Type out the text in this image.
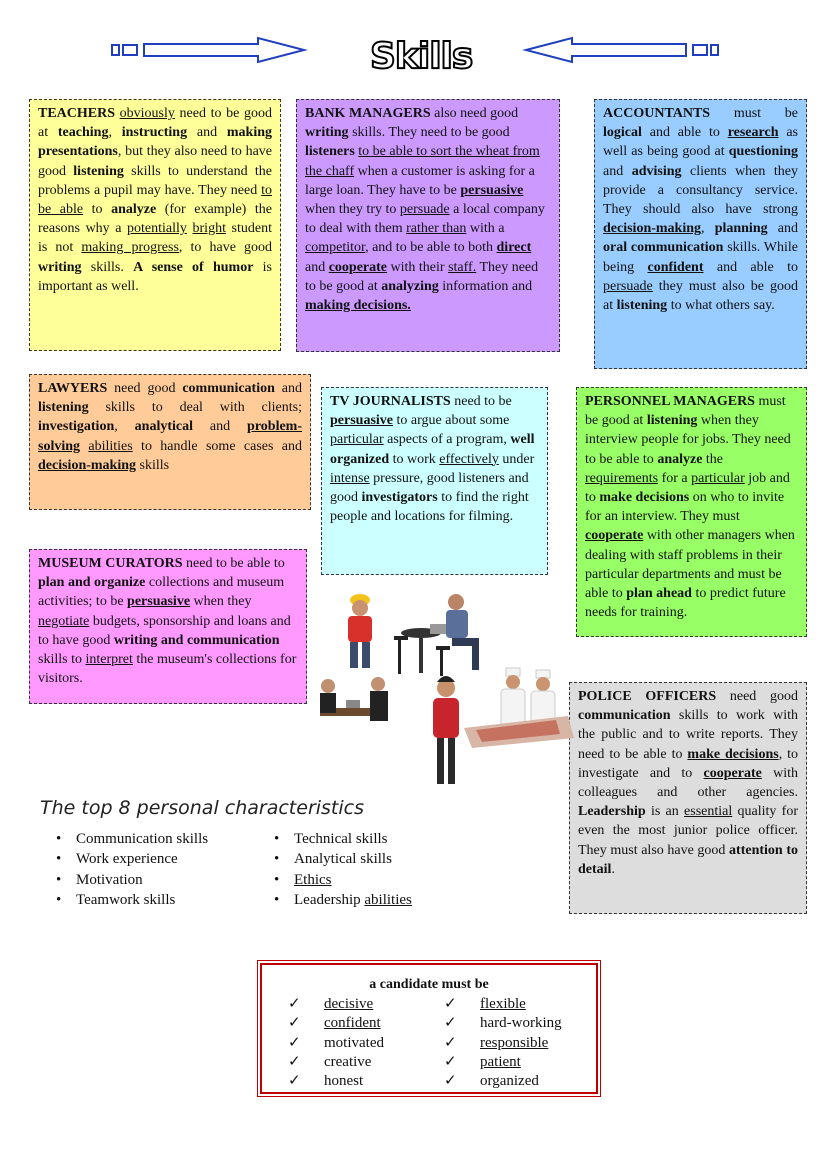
Skills
TEACHERS obviously need to be good at teaching, instructing and making presentations, but they also need to have good listening skills to understand the problems a pupil may have. They need to be able to analyze (for example) the reasons why a potentially bright student is not making progress, to have good writing skills. A sense of humor is important as well.
BANK MANAGERS also need good writing skills. They need to be good listeners to be able to sort the wheat from the chaff when a customer is asking for a large loan. They have to be persuasive when they try to persuade a local company to deal with them rather than with a competitor, and to be able to both direct and cooperate with their staff. They need to be good at analyzing information and making decisions.
ACCOUNTANTS must be logical and able to research as well as being good at questioning and advising clients when they provide a consultancy service. They should also have strong decision-making, planning and oral communication skills. While being confident and able to persuade they must also be good at listening to what others say.
LAWYERS need good communication and listening skills to deal with clients; investigation, analytical and problem-solving abilities to handle some cases and decision-making skills
TV JOURNALISTS need to be persuasive to argue about some particular aspects of a program, well organized to work effectively under intense pressure, good listeners and good investigators to find the right people and locations for filming.
PERSONNEL MANAGERS must be good at listening when they interview people for jobs. They need to be able to analyze the requirements for a particular job and to make decisions on who to invite for an interview. They must cooperate with other managers when dealing with staff problems in their particular departments and must be able to plan ahead to predict future needs for training.
MUSEUM CURATORS need to be able to plan and organize collections and museum activities; to be persuasive when they negotiate budgets, sponsorship and loans and to have good writing and communication skills to interpret the museum's collections for visitors.
POLICE OFFICERS need good communication skills to work with the public and to write reports. They need to be able to make decisions, to investigate and to cooperate with colleagues and other agencies. Leadership is an essential quality for even the most junior police officer. They must also have good attention to detail.
The top 8 personal characteristics
• Communication skills
• Work experience
• Motivation
• Teamwork skills
• Technical skills
• Analytical skills
• Ethics
• Leadership abilities
a candidate must be
✓ decisive
✓ confident
✓ motivated
✓ creative
✓ honest
✓ flexible
✓ hard-working
✓ responsible
✓ patient
✓ organized
